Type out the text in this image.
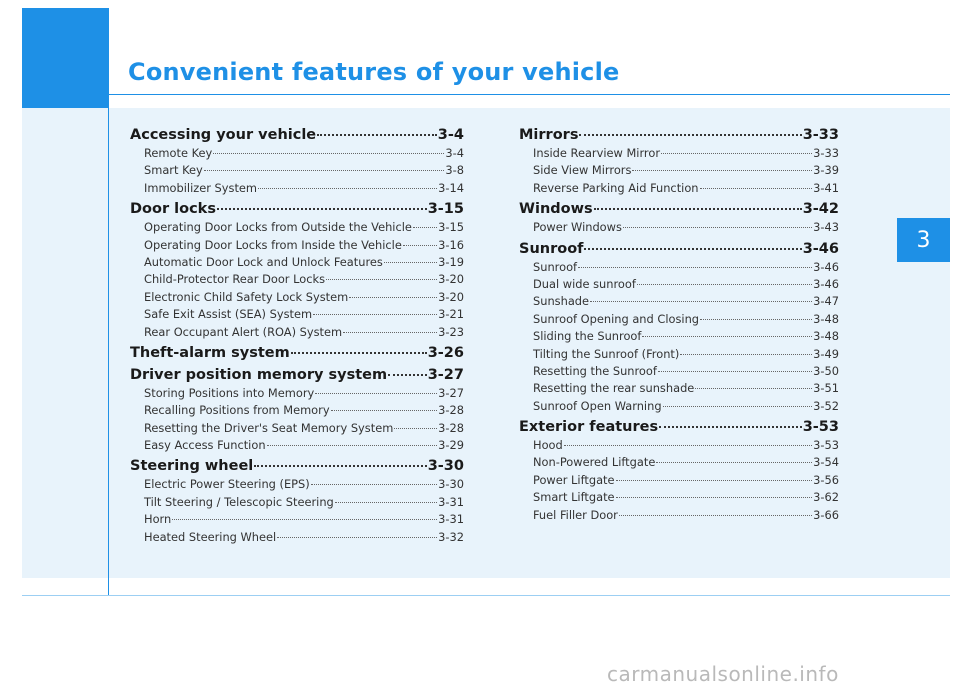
Convenient features of your vehicle
3
Accessing your vehicle	3-4
Remote Key	3-4
Smart Key	3-8
Immobilizer System	3-14
Door locks	3-15
Operating Door Locks from Outside the Vehicle 3-15
Operating Door Locks from Inside the Vehicle	3-16
Automatic Door Lock and Unlock Features	3-19
Child-Protector Rear Door Locks	3-20
Electronic Child Safety Lock System	3-20
Safe Exit Assist (SEA) System	3-21
Rear Occupant Alert (ROA) System	3-23
Theft-alarm system	3-26
Driver position memory system	3-27
Storing Positions into Memory	3-27
Recalling Positions from Memory	3-28
Resetting the Driver's Seat Memory System	3-28
Easy Access Function	3-29
Steering wheel	3-30
Electric Power Steering (EPS)	3-30
Tilt Steering / Telescopic Steering	3-31
Horn	3-31
Heated Steering Wheel	3-32
Mirrors	3-33
Inside Rearview Mirror	3-33
Side View Mirrors	3-39
Reverse Parking Aid Function	3-41
Windows	3-42
Power Windows	3-43
Sunroof	3-46
Sunroof	3-46
Dual wide sunroof	3-46
Sunshade	3-47
Sunroof Opening and Closing	3-48
Sliding the Sunroof	3-48
Tilting the Sunroof (Front)	3-49
Resetting the Sunroof	3-50
Resetting the rear sunshade	3-51
Sunroof Open Warning	3-52
Exterior features	3-53
Hood	3-53
Non-Powered Liftgate	3-54
Power Liftgate	3-56
Smart Liftgate	3-62
Fuel Filler Door	3-66
carmanualsonline.info
